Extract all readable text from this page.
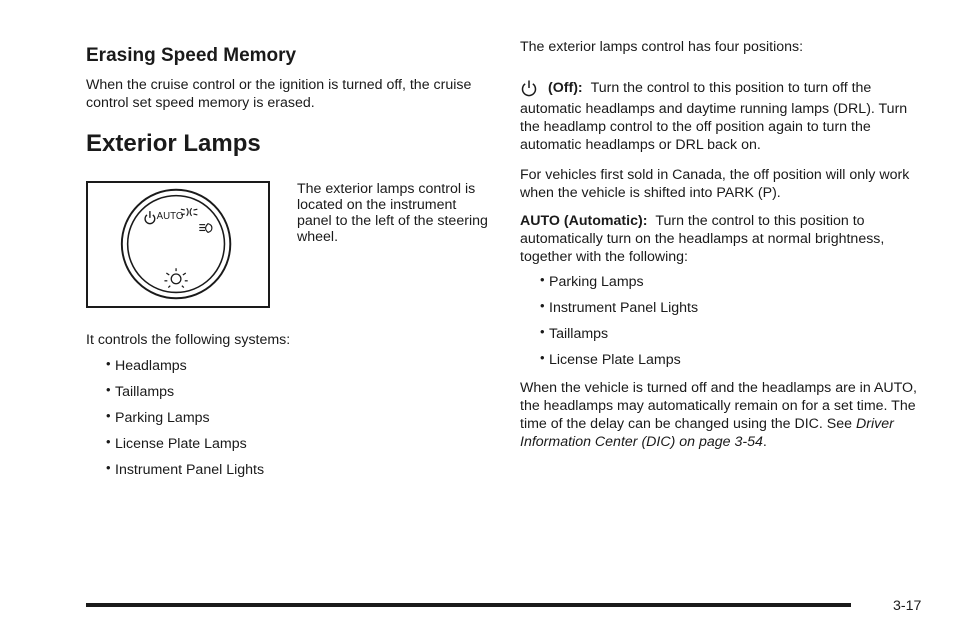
Erasing Speed Memory

When the cruise control or the ignition is turned off, the cruise control set speed memory is erased.

Exterior Lamps
AUTO

The exterior lamps control is located on the instrument panel to the left of the steering wheel.

It controls the following systems:

• Headlamps
• Taillamps
• Parking Lamps
• License Plate Lamps
• Instrument Panel Lights

The exterior lamps control has four positions:

(Off):
Turn the control to this position to turn off the
automatic headlamps and daytime running lamps (DRL). Turn the headlamp control to the off position again to turn the automatic headlamps or DRL back on.

For vehicles first sold in Canada, the off position will only work when the vehicle is shifted into PARK (P).

AUTO (Automatic): Turn the control to this position to automatically turn on the headlamps at normal brightness, together with the following:

• Parking Lamps
• Instrument Panel Lights
• Taillamps
• License Plate Lamps

When the vehicle is turned off and the headlamps are in AUTO, the headlamps may automatically remain on for a set time. The time of the delay can be changed using the DIC. See Driver Information Center (DIC) on page 3-54.

3-17
